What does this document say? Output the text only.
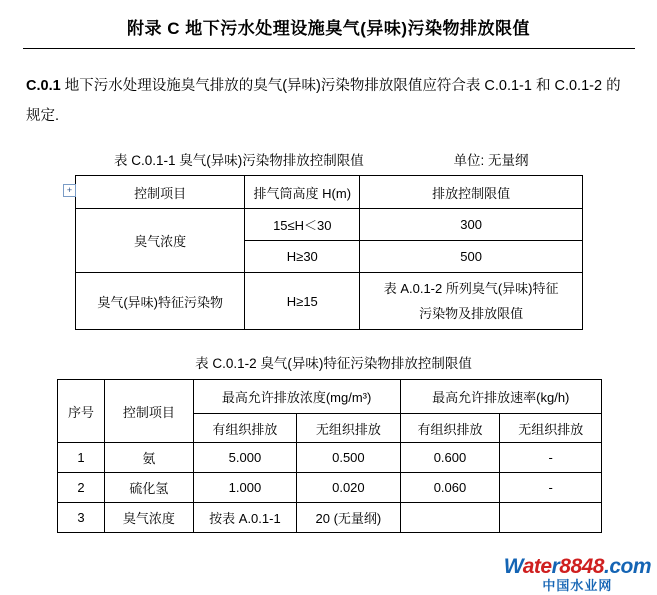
附录 C 地下污水处理设施臭气(异味)污染物排放限值
C.0.1 地下污水处理设施臭气排放的臭气(异味)污染物排放限值应符合表 C.0.1-1 和 C.0.1-2 的规定.
+
表 C.0.1-1 臭气(异味)污染物排放控制限值	单位: 无量纲
控制项目	排气筒高度 H(m)	排放控制限值
臭气浓度	15≤H＜30	300
	H≥30	500
臭气(异味)特征污染物	H≥15	表 A.0.1-2 所列臭气(异味)特征
污染物及排放限值
表 C.0.1-2 臭气(异味)特征污染物排放控制限值
序号	控制项目	最高允许排放浓度(mg/m³)		最高允许排放速率(kg/h)	
		有组织排放	无组织排放	有组织排放	无组织排放
1	氨	5.000	0.500	0.600	-
2	硫化氢	1.000	0.020	0.060	-
3	臭气浓度	按表 A.0.1-1	20 (无量纲)		
Water8848.com
中国水业网
